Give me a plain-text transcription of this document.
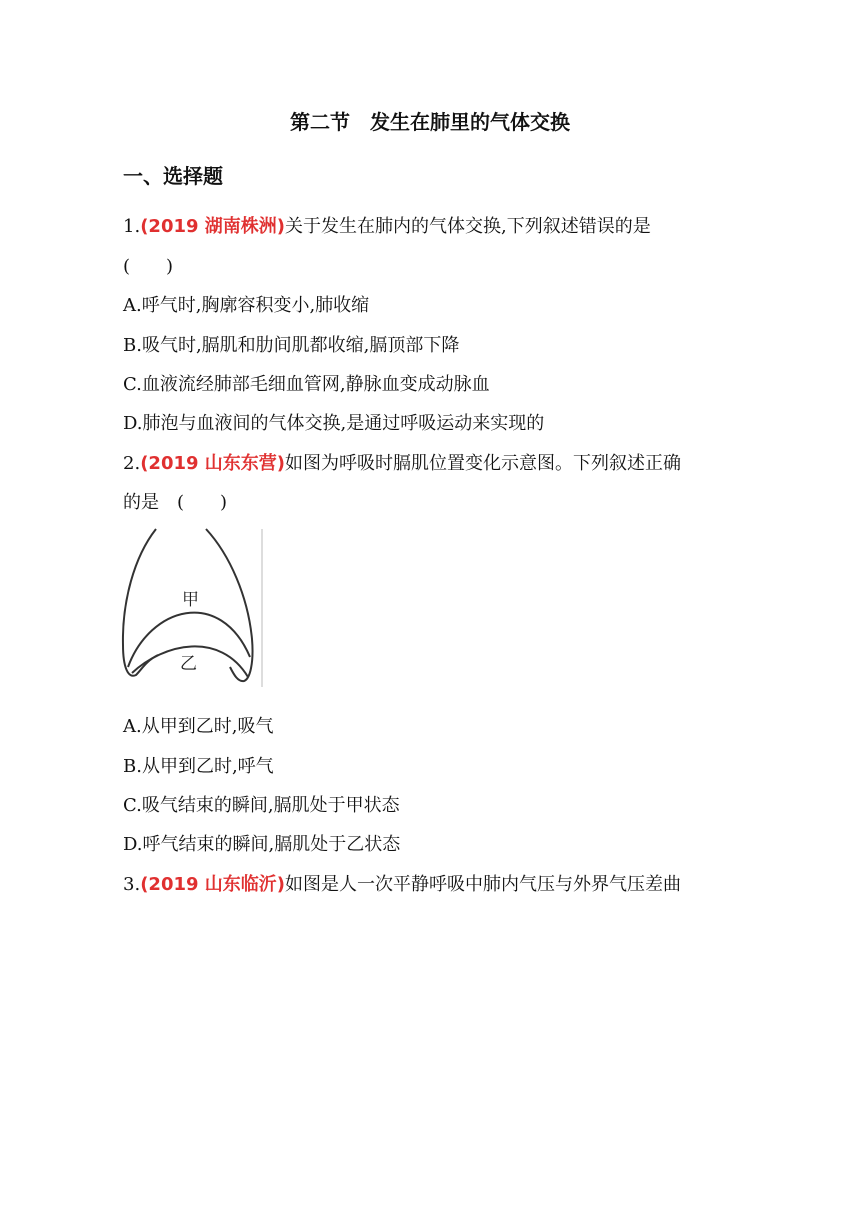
第二节　发生在肺里的气体交换
一、选择题
1.(2019 湖南株洲)关于发生在肺内的气体交换,下列叙述错误的是
(　　)
A.呼气时,胸廓容积变小,肺收缩
B.吸气时,膈肌和肋间肌都收缩,膈顶部下降
C.血液流经肺部毛细血管网,静脉血变成动脉血
D.肺泡与血液间的气体交换,是通过呼吸运动来实现的
2.(2019 山东东营)如图为呼吸时膈肌位置变化示意图。下列叙述正确
的是　(　　)
甲
乙
A.从甲到乙时,吸气
B.从甲到乙时,呼气
C.吸气结束的瞬间,膈肌处于甲状态
D.呼气结束的瞬间,膈肌处于乙状态
3.(2019 山东临沂)如图是人一次平静呼吸中肺内气压与外界气压差曲
